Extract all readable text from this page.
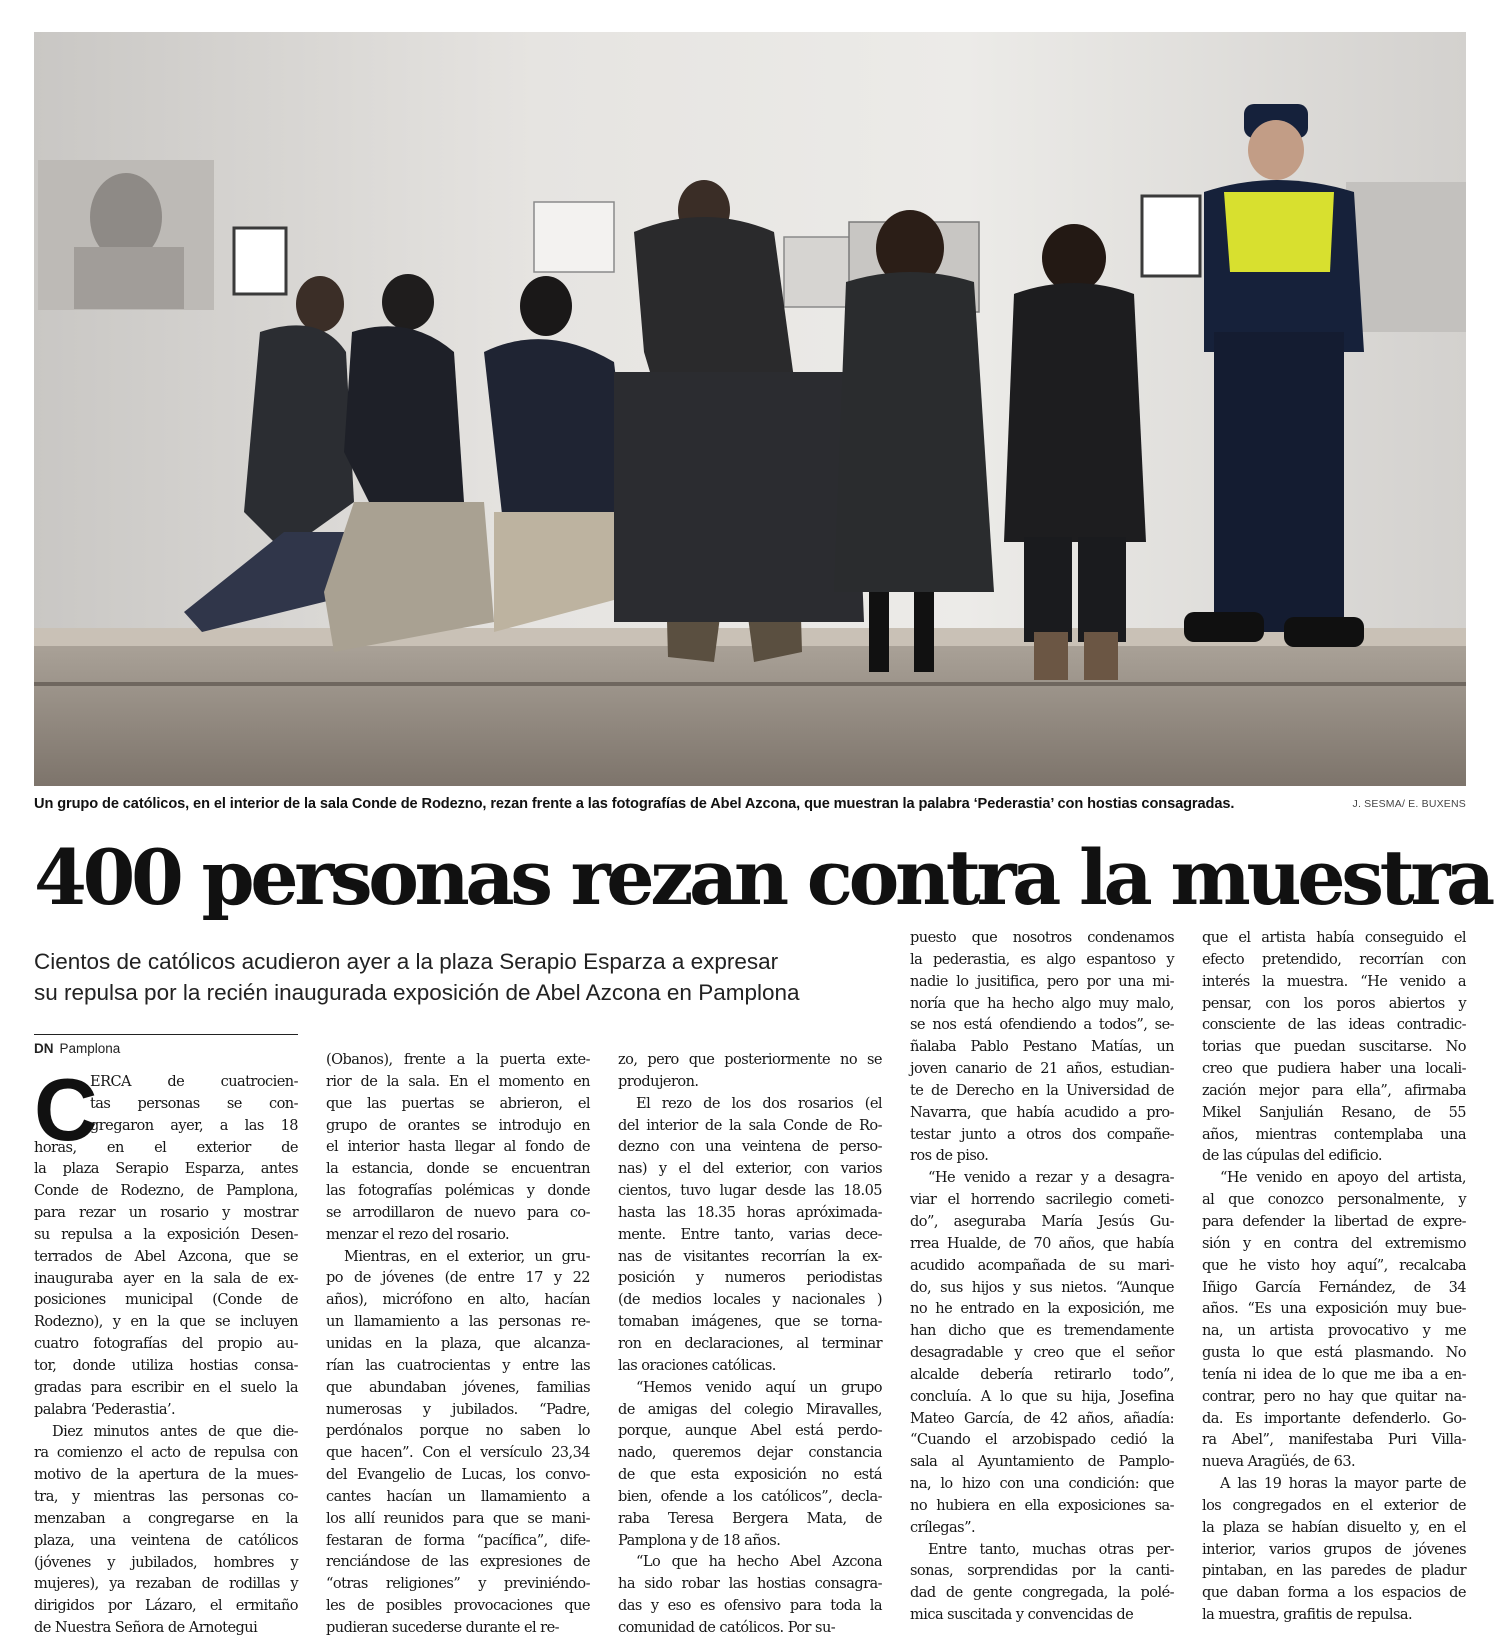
Un grupo de católicos, en el interior de la sala Conde de Rodezno, rezan frente a las fotografías de Abel Azcona, que muestran la palabra ‘Pederastia’ con hostias consagradas.	J. SESMA/ E. BUXENS
400 personas rezan contra la muestra

Cientos de católicos acudieron ayer a la plaza Serapio Esparza a expresar

su repulsa por la recién inaugurada exposición de Abel Azcona en Pamplona

DN Pamplona
C
ERCA de cuatrocien-
tas personas se con-
gregaron ayer, a las 18
horas, en el exterior de
la plaza Serapio Esparza, antes
Conde de Rodezno, de Pamplona,
para rezar un rosario y mostrar
su repulsa a la exposición Desen-
terrados de Abel Azcona, que se
inauguraba ayer en la sala de ex-
posiciones municipal (Conde de
Rodezno), y en la que se incluyen
cuatro fotografías del propio au-
tor, donde utiliza hostias consa-
gradas para escribir en el suelo la
palabra ‘Pederastia’.
Diez minutos antes de que die-
ra comienzo el acto de repulsa con
motivo de la apertura de la mues-
tra, y mientras las personas co-
menzaban a congregarse en la
plaza, una veintena de católicos
(jóvenes y jubilados, hombres y
mujeres), ya rezaban de rodillas y
dirigidos por Lázaro, el ermitaño
de Nuestra Señora de Arnotegui
(Obanos), frente a la puerta exte-
rior de la sala. En el momento en
que las puertas se abrieron, el
grupo de orantes se introdujo en
el interior hasta llegar al fondo de
la estancia, donde se encuentran
las fotografías polémicas y donde
se arrodillaron de nuevo para co-
menzar el rezo del rosario.
Mientras, en el exterior, un gru-
po de jóvenes (de entre 17 y 22
años), micrófono en alto, hacían
un llamamiento a las personas re-
unidas en la plaza, que alcanza-
rían las cuatrocientas y entre las
que abundaban jóvenes, familias
numerosas y jubilados. “Padre,
perdónalos porque no saben lo
que hacen”. Con el versículo 23,34
del Evangelio de Lucas, los convo-
cantes hacían un llamamiento a
los allí reunidos para que se mani-
festaran de forma “pacífica”, dife-
renciándose de las expresiones de
“otras religiones” y previniéndo-
les de posibles provocaciones que
pudieran sucederse durante el re-
zo, pero que posteriormente no se
produjeron.
El rezo de los dos rosarios (el
del interior de la sala Conde de Ro-
dezno con una veintena de perso-
nas) y el del exterior, con varios
cientos, tuvo lugar desde las 18.05
hasta las 18.35 horas apróximada-
mente. Entre tanto, varias dece-
nas de visitantes recorrían la ex-
posición y numeros periodistas
(de medios locales y nacionales )
tomaban imágenes, que se torna-
ron en declaraciones, al terminar
las oraciones católicas.
“Hemos venido aquí un grupo
de amigas del colegio Miravalles,
porque, aunque Abel está perdo-
nado, queremos dejar constancia
de que esta exposición no está
bien, ofende a los católicos”, decla-
raba Teresa Bergera Mata, de
Pamplona y de 18 años.
“Lo que ha hecho Abel Azcona
ha sido robar las hostias consagra-
das y eso es ofensivo para toda la
comunidad de católicos. Por su-
puesto que nosotros condenamos
la pederastia, es algo espantoso y
nadie lo jusitifica, pero por una mi-
noría que ha hecho algo muy malo,
se nos está ofendiendo a todos”, se-
ñalaba Pablo Pestano Matías, un
joven canario de 21 años, estudian-
te de Derecho en la Universidad de
Navarra, que había acudido a pro-
testar junto a otros dos compañe-
ros de piso.
“He venido a rezar y a desagra-
viar el horrendo sacrilegio cometi-
do”, aseguraba María Jesús Gu-
rrea Hualde, de 70 años, que había
acudido acompañada de su mari-
do, sus hijos y sus nietos. “Aunque
no he entrado en la exposición, me
han dicho que es tremendamente
desagradable y creo que el señor
alcalde debería retirarlo todo”,
concluía. A lo que su hija, Josefina
Mateo García, de 42 años, añadía:
“Cuando el arzobispado cedió la
sala al Ayuntamiento de Pamplo-
na, lo hizo con una condición: que
no hubiera en ella exposiciones sa-
crílegas”.
Entre tanto, muchas otras per-
sonas, sorprendidas por la canti-
dad de gente congregada, la polé-
mica suscitada y convencidas de
que el artista había conseguido el
efecto pretendido, recorrían con
interés la muestra. “He venido a
pensar, con los poros abiertos y
consciente de las ideas contradic-
torias que puedan suscitarse. No
creo que pudiera haber una locali-
zación mejor para ella”, afirmaba
Mikel Sanjulián Resano, de 55
años, mientras contemplaba una
de las cúpulas del edificio.
“He venido en apoyo del artista,
al que conozco personalmente, y
para defender la libertad de expre-
sión y en contra del extremismo
que he visto hoy aquí”, recalcaba
Iñigo García Fernández, de 34
años. “Es una exposición muy bue-
na, un artista provocativo y me
gusta lo que está plasmando. No
tenía ni idea de lo que me iba a en-
contrar, pero no hay que quitar na-
da. Es importante defenderlo. Go-
ra Abel”, manifestaba Puri Villa-
nueva Aragüés, de 63.
A las 19 horas la mayor parte de
los congregados en el exterior de
la plaza se habían disuelto y, en el
interior, varios grupos de jóvenes
pintaban, en las paredes de pladur
que daban forma a los espacios de
la muestra, grafitis de repulsa.
